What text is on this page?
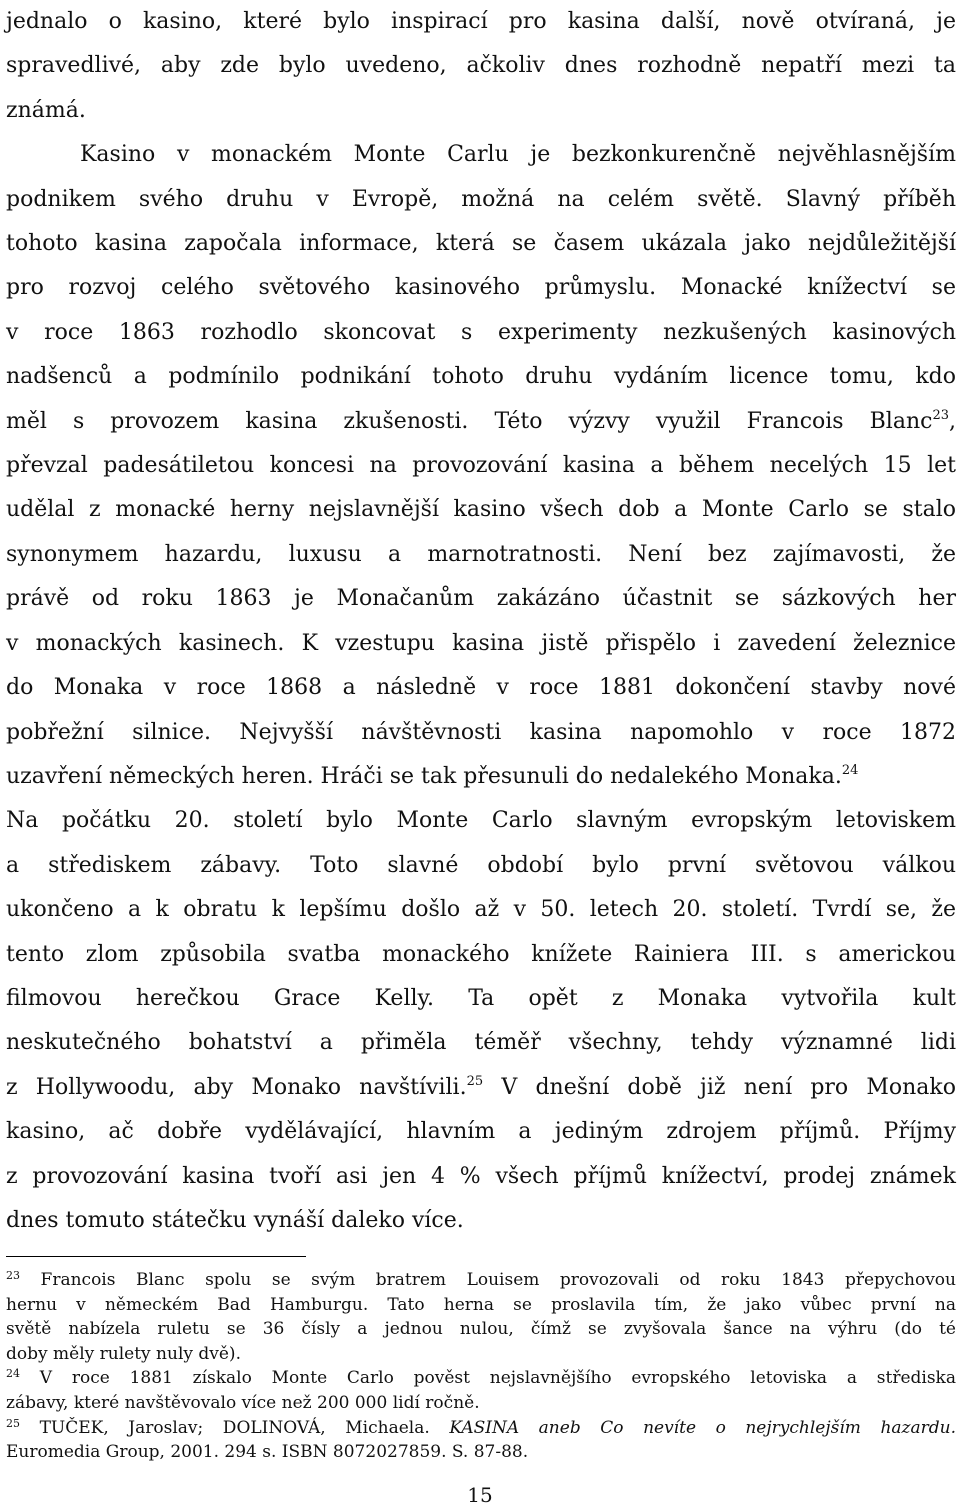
jednalo o kasino, které bylo inspirací pro kasina další, nově otvíraná, je
spravedlivé, aby zde bylo uvedeno, ačkoliv dnes rozhodně nepatří mezi ta
známá.

Kasino v monackém Monte Carlu je bezkonkurenčně nejvěhlasnějším
podnikem svého druhu v Evropě, možná na celém světě. Slavný příběh
tohoto kasina započala informace, která se časem ukázala jako nejdůležitější
pro rozvoj celého světového kasinového průmyslu. Monacké knížectví se
v roce 1863 rozhodlo skoncovat s experimenty nezkušených kasinových
nadšenců a podmínilo podnikání tohoto druhu vydáním licence tomu, kdo
měl s provozem kasina zkušenosti. Této výzvy využil Francois Blanc$^{23}$,
převzal padesátiletou koncesi na provozování kasina a během necelých 15 let
udělal z monacké herny nejslavnější kasino všech dob a Monte Carlo se stalo
synonymem hazardu, luxusu a marnotratnosti. Není bez zajímavosti, že
právě od roku 1863 je Monačanům zakázáno účastnit se sázkových her
v monackých kasinech. K vzestupu kasina jistě přispělo i zavedení železnice
do Monaka v roce 1868 a následně v roce 1881 dokončení stavby nové
pobřežní silnice. Nejvyšší návštěvnosti kasina napomohlo v roce 1872
uzavření německých heren. Hráči se tak přesunuli do nedalekého Monaka.$^{24}$
Na počátku 20. století bylo Monte Carlo slavným evropským letoviskem
a střediskem zábavy. Toto slavné období bylo první světovou válkou
ukončeno a k obratu k lepšímu došlo až v 50. letech 20. století. Tvrdí se, že
tento zlom způsobila svatba monackého knížete Rainiera III. s americkou
filmovou herečkou Grace Kelly. Ta opět z Monaka vytvořila kult
neskutečného bohatství a přiměla téměř všechny, tehdy významné lidi
z Hollywoodu, aby Monako navštívili.$^{25}$ V dnešní době již není pro Monako
kasino, ač dobře vydělávající, hlavním a jediným zdrojem příjmů. Příjmy
z provozování kasina tvoří asi jen 4 % všech příjmů knížectví, prodej známek
dnes tomuto státečku vynáší daleko více.

$^{23}$ Francois Blanc spolu se svým bratrem Louisem provozovali od roku 1843 přepychovou
hernu v německém Bad Hamburgu. Tato herna se proslavila tím, že jako vůbec první na
světě nabízela ruletu se 36 čísly a jednou nulou, čímž se zvyšovala šance na výhru (do té
doby měly rulety nuly dvě).
$^{24}$ V roce 1881 získalo Monte Carlo pověst nejslavnějšího evropského letoviska a střediska
zábavy, které navštěvovalo více než 200 000 lidí ročně.
$^{25}$ TUČEK, Jaroslav; DOLINOVÁ, Michaela. KASINA aneb Co nevíte o nejrychlejším hazardu.
Euromedia Group, 2001. 294 s. ISBN 8072027859. S. 87-88.
15
